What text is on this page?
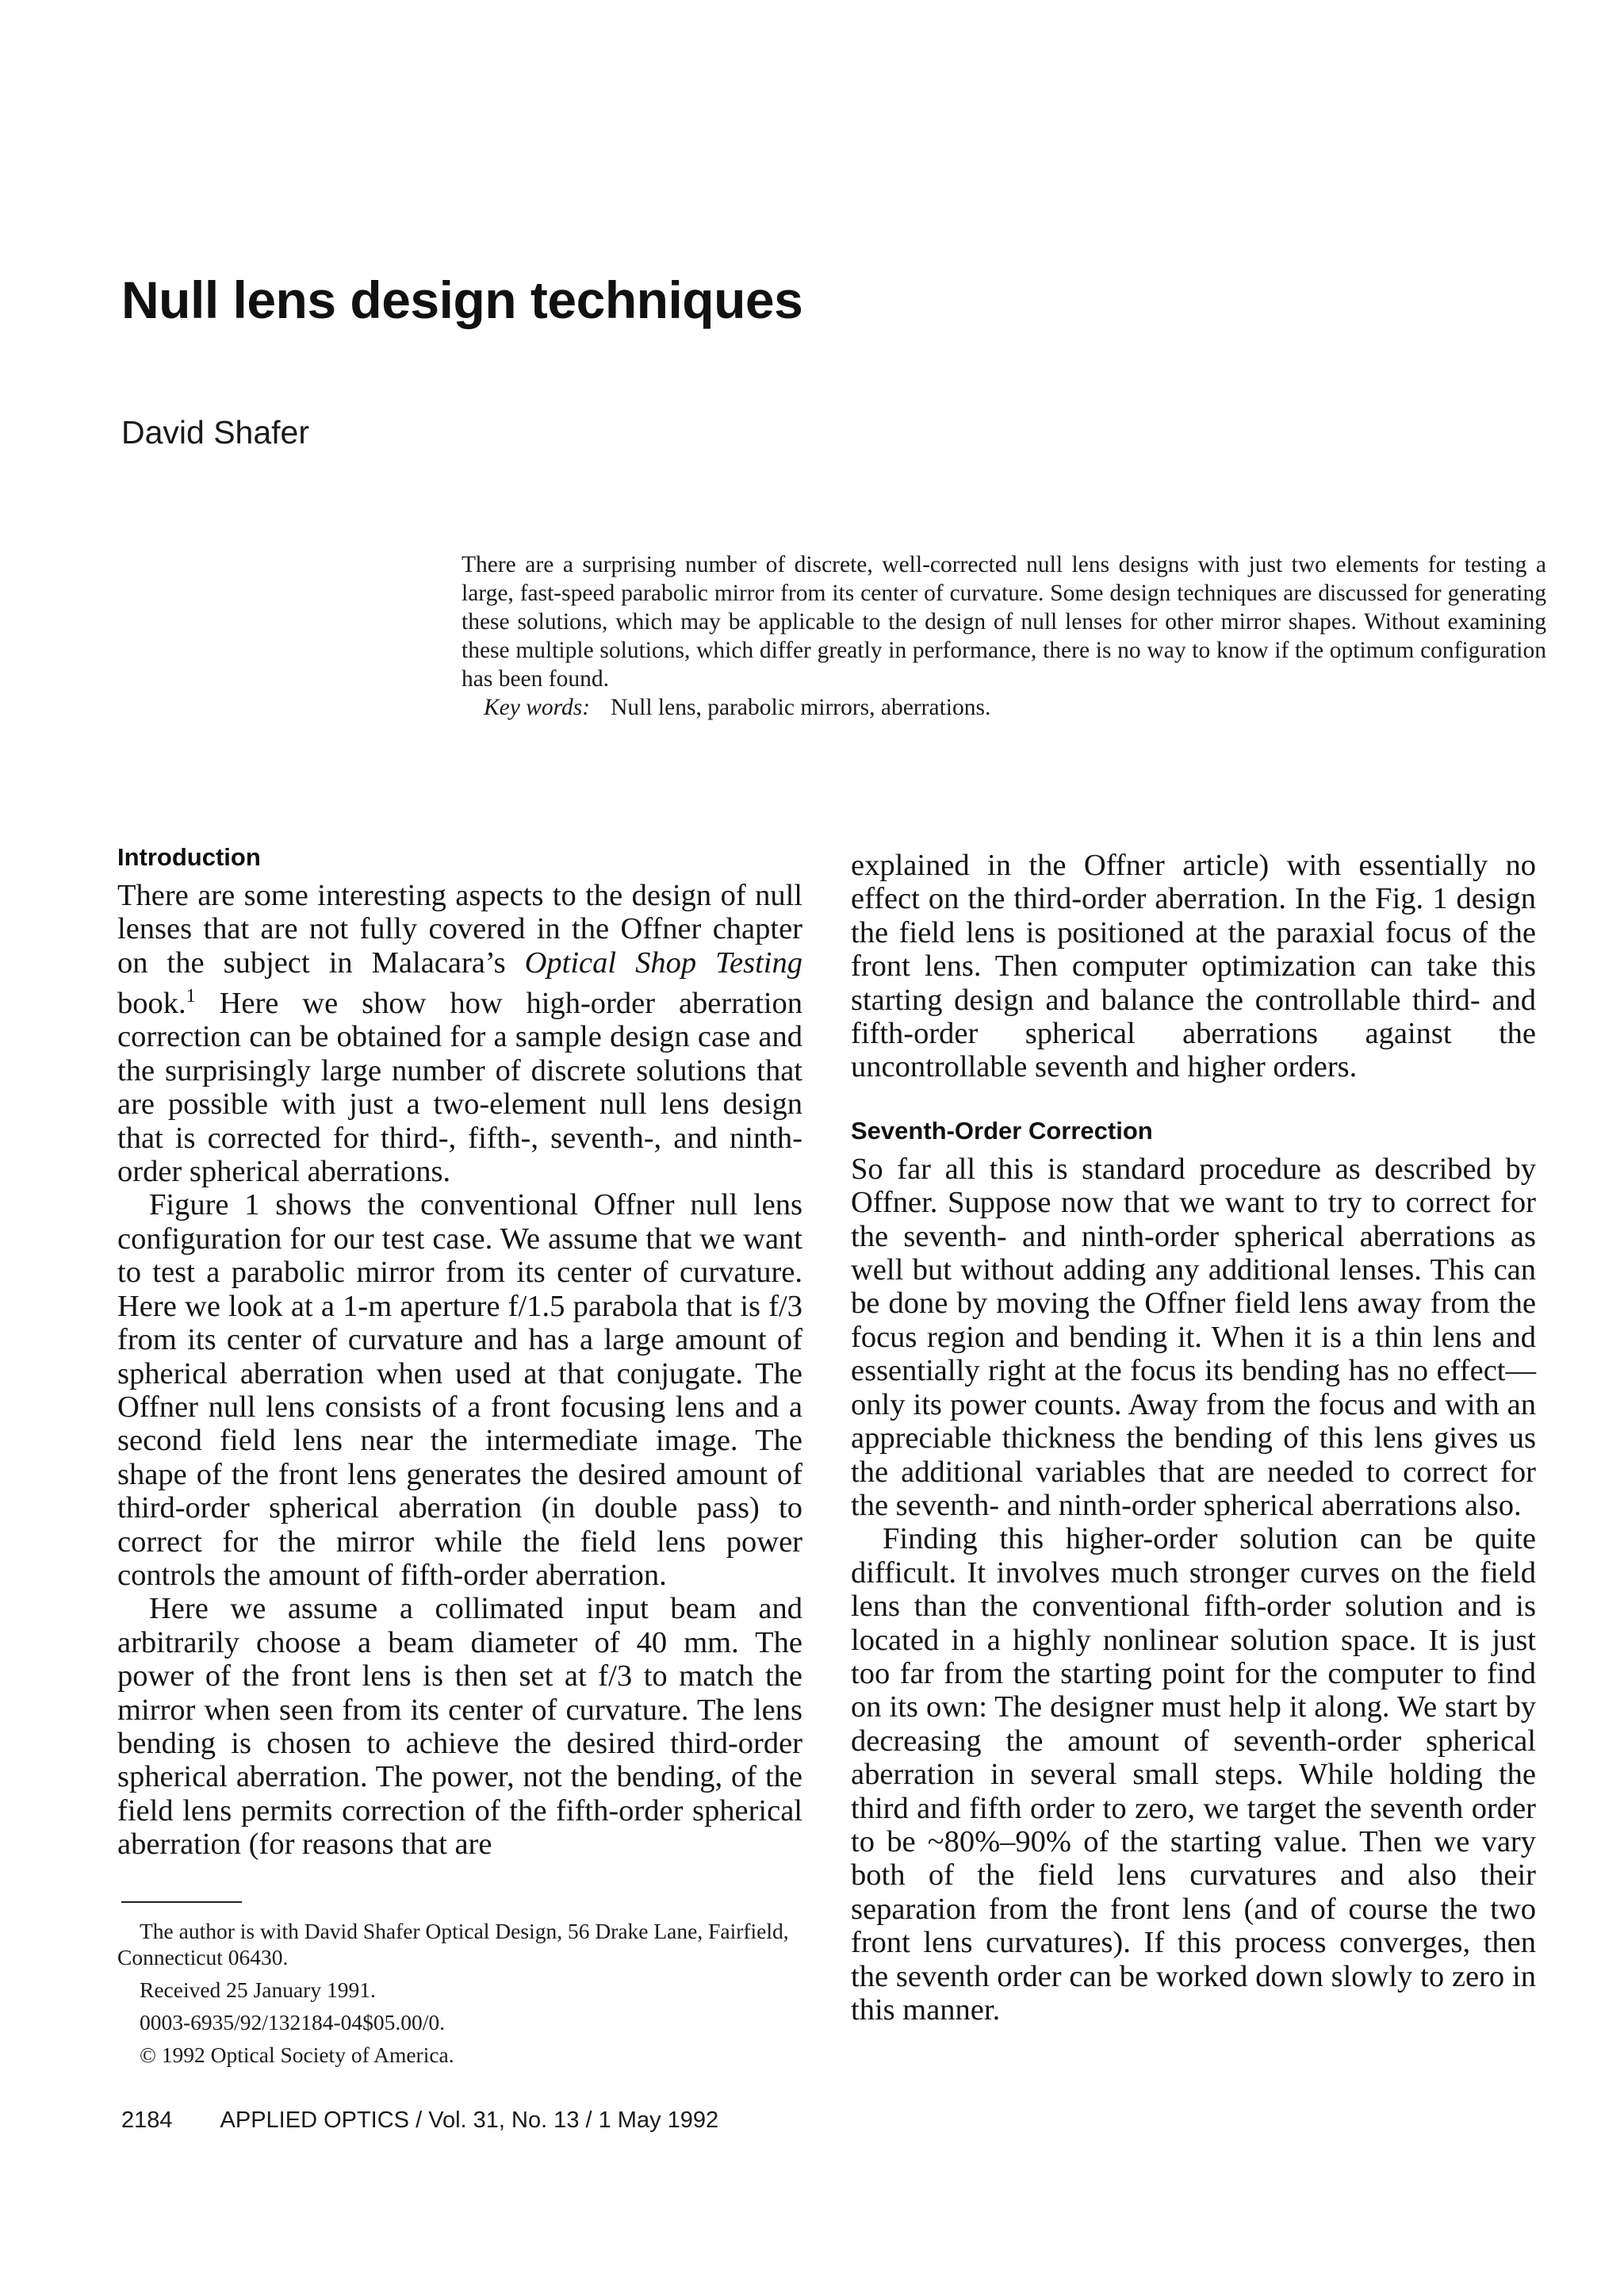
Null lens design techniques

David Shafer

There are a surprising number of discrete, well-corrected null lens designs with just two elements for testing a large, fast-speed parabolic mirror from its center of curvature. Some design techniques are discussed for generating these solutions, which may be applicable to the design of null lenses for other mirror shapes. Without examining these multiple solutions, which differ greatly in performance, there is no way to know if the optimum configuration has been found.

Key words: Null lens, parabolic mirrors, aberrations.

Introduction

There are some interesting aspects to the design of null lenses that are not fully covered in the Offner chapter on the subject in Malacara’s Optical Shop Testing book.$^1$ Here we show how high-order aberration correction can be obtained for a sample design case and the surprisingly large number of discrete solutions that are possible with just a two-element null lens design that is corrected for third-, fifth-, seventh-, and ninth-order spherical aberrations.

Figure 1 shows the conventional Offner null lens configuration for our test case. We assume that we want to test a parabolic mirror from its center of curvature. Here we look at a 1-m aperture f/1.5 parabola that is f/3 from its center of curvature and has a large amount of spherical aberration when used at that conjugate. The Offner null lens consists of a front focusing lens and a second field lens near the intermediate image. The shape of the front lens generates the desired amount of third-order spherical aberration (in double pass) to correct for the mirror while the field lens power controls the amount of fifth-order aberration.

Here we assume a collimated input beam and arbitrarily choose a beam diameter of 40 mm. The power of the front lens is then set at f/3 to match the mirror when seen from its center of curvature. The lens bending is chosen to achieve the desired third-order spherical aberration. The power, not the bending, of the field lens permits correction of the fifth-order spherical aberration (for reasons that are

explained in the Offner article) with essentially no effect on the third-order aberration. In the Fig. 1 design the field lens is positioned at the paraxial focus of the front lens. Then computer optimization can take this starting design and balance the controllable third- and fifth-order spherical aberrations against the uncontrollable seventh and higher orders.

Seventh-Order Correction

So far all this is standard procedure as described by Offner. Suppose now that we want to try to correct for the seventh- and ninth-order spherical aberrations as well but without adding any additional lenses. This can be done by moving the Offner field lens away from the focus region and bending it. When it is a thin lens and essentially right at the focus its bending has no effect—only its power counts. Away from the focus and with an appreciable thickness the bending of this lens gives us the additional variables that are needed to correct for the seventh- and ninth-order spherical aberrations also.

Finding this higher-order solution can be quite difficult. It involves much stronger curves on the field lens than the conventional fifth-order solution and is located in a highly nonlinear solution space. It is just too far from the starting point for the computer to find on its own: The designer must help it along. We start by decreasing the amount of seventh-order spherical aberration in several small steps. While holding the third and fifth order to zero, we target the seventh order to be ~80%–90% of the starting value. Then we vary both of the field lens curvatures and also their separation from the front lens (and of course the two front lens curvatures). If this process converges, then the seventh order can be worked down slowly to zero in this manner.

The author is with David Shafer Optical Design, 56 Drake Lane, Fairfield, Connecticut 06430.

Received 25 January 1991.

0003-6935/92/132184-04$05.00/0.

© 1992 Optical Society of America.

2184 APPLIED OPTICS / Vol. 31, No. 13 / 1 May 1992
